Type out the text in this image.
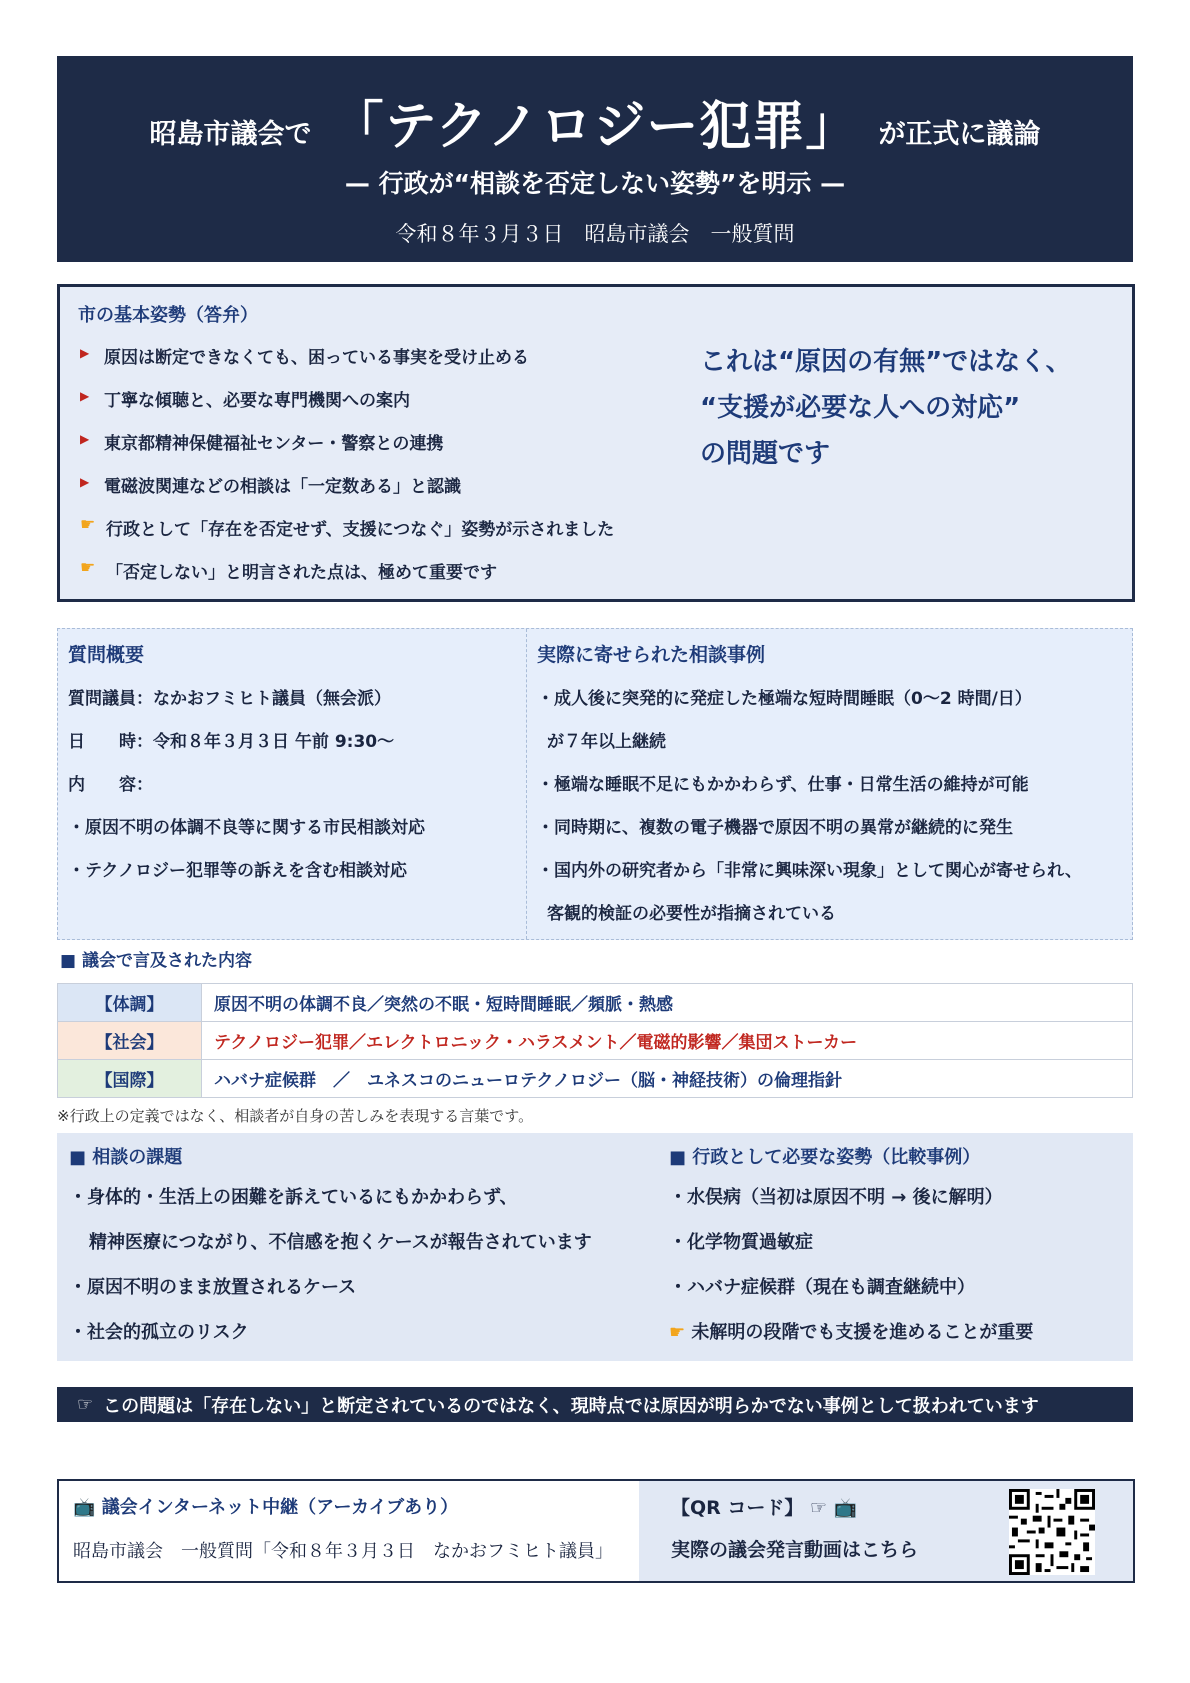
昭島市議会で 「テクノロジー犯罪」 が正式に議論
— 行政が“相談を否定しない姿勢”を明示 —
令和８年３月３日　昭島市議会　一般質問
市の基本姿勢（答弁）
▶ 原因は断定できなくても、困っている事実を受け止める
▶ 丁寧な傾聴と、必要な専門機関への案内
▶ 東京都精神保健福祉センター・警察との連携
▶ 電磁波関連などの相談は「一定数ある」と認識
☛ 行政として「存在を否定せず、支援につなぐ」姿勢が示されました
☛ 「否定しない」と明言された点は、極めて重要です
これは“原因の有無”ではなく、
“支援が必要な人への対応”
の問題です
質問概要
質問議員：なかおフミヒト議員（無会派）
日　　時：令和８年３月３日 午前 9:30〜
内　　容：
・原因不明の体調不良等に関する市民相談対応
・テクノロジー犯罪等の訴えを含む相談対応
実際に寄せられた相談事例
・成人後に突発的に発症した極端な短時間睡眠（0〜2 時間/日）
が７年以上継続
・極端な睡眠不足にもかかわらず、仕事・日常生活の維持が可能
・同時期に、複数の電子機器で原因不明の異常が継続的に発生
・国内外の研究者から「非常に興味深い現象」として関心が寄せられ、
客観的検証の必要性が指摘されている
■ 議会で言及された内容
【体調】	原因不明の体調不良／突然の不眠・短時間睡眠／頻脈・熱感
【社会】	テクノロジー犯罪／エレクトロニック・ハラスメント／電磁的影響／集団ストーカー
【国際】	ハバナ症候群　／　ユネスコのニューロテクノロジー（脳・神経技術）の倫理指針
※行政上の定義ではなく、相談者が自身の苦しみを表現する言葉です。
■ 相談の課題
・身体的・生活上の困難を訴えているにもかかわらず、
精神医療につながり、不信感を抱くケースが報告されています
・原因不明のまま放置されるケース
・社会的孤立のリスク
■ 行政として必要な姿勢（比較事例）
・水俣病（当初は原因不明 → 後に解明）
・化学物質過敏症
・ハバナ症候群（現在も調査継続中）
☛ 未解明の段階でも支援を進めることが重要
☞ この問題は「存在しない」と断定されているのではなく、現時点では原因が明らかでない事例として扱われています
📺 議会インターネット中継（アーカイブあり）
昭島市議会　一般質問「令和８年３月３日　なかおフミヒト議員」
【QR コード】 ☞ 📺
実際の議会発言動画はこちら
